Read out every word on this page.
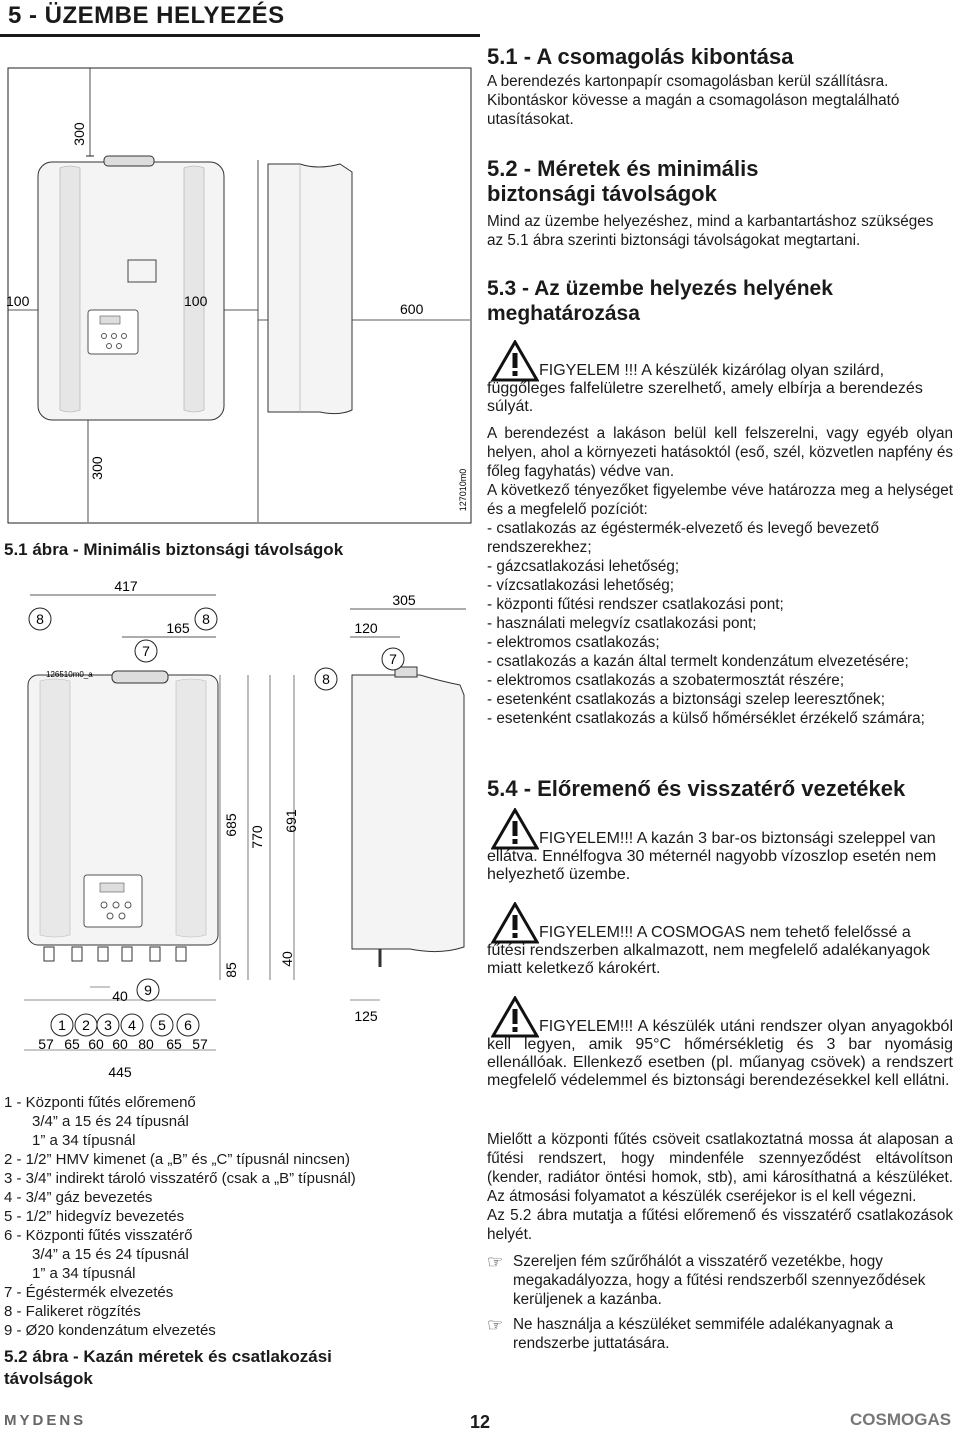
5 - ÜZEMBE HELYEZÉS
300
100	100	600
300
127010m0
5.1 ábra - Minimális biztonsági távolságok
417
165
305
120
8	8
8
7	7
9
126510m0_a
685
770
691
85
40
40
125
1 2 3 4 5 6
57 65 60 60 80 65 57
445
1 - Központi fűtés előremenő
3/4” a 15 és 24 típusnál
1” a 34 típusnál
2 - 1/2” HMV kimenet (a „B” és „C” típusnál nincsen)
3 - 3/4” indirekt tároló visszatérő (csak a „B” típusnál)
4 - 3/4” gáz bevezetés
5 - 1/2” hidegvíz bevezetés
6 - Központi fűtés visszatérő
3/4” a 15 és 24 típusnál
1” a 34 típusnál
7 - Égéstermék elvezetés
8 - Falikeret rögzítés
9 - Ø20 kondenzátum elvezetés
5.2 ábra - Kazán méretek és csatlakozási
távolságok
5.1 - A csomagolás kibontása

A berendezés kartonpapír csomagolásban kerül szállításra. Kibontáskor kövesse a magán a csomagoláson megtalálható utasításokat.

5.2 - Méretek és minimális
biztonsági távolságok

Mind az üzembe helyezéshez, mind a karbantartáshoz szükséges az 5.1 ábra szerinti biztonsági távolságokat megtartani.

5.3 - Az üzembe helyezés helyének
meghatározása
FIGYELEM !!! A készülék kizárólag olyan szilárd, függőleges falfelületre szerelhető, amely elbírja a berendezés súlyát.

A berendezést a lakáson belül kell felszerelni, vagy egyéb olyan helyen, ahol a környezeti hatásoktól (eső, szél, közvetlen napfény és főleg fagyhatás) védve van.

A következő tényezőket figyelembe véve határozza meg a helységet és a megfelelő pozíciót:

- csatlakozás az égéstermék-elvezető és levegő bevezető rendszerekhez;
- gázcsatlakozási lehetőség;
- vízcsatlakozási lehetőség;
- központi fűtési rendszer csatlakozási pont;
- használati melegvíz csatlakozási pont;
- elektromos csatlakozás;
- csatlakozás a kazán által termelt kondenzátum elvezetésére;
- elektromos csatlakozás a szobatermosztát részére;
- esetenként csatlakozás a biztonsági szelep leeresztőnek;
- esetenként csatlakozás a külső hőmérséklet érzékelő számára;
5.4 - Előremenő és visszatérő vezetékek
FIGYELEM!!! A kazán 3 bar-os biztonsági szeleppel van ellátva. Ennélfogva 30 méternél nagyobb vízoszlop esetén nem helyezhető üzembe.
FIGYELEM!!! A COSMOGAS nem tehető felelőssé a fűtési rendszerben alkalmazott, nem megfelelő adalékanyagok miatt keletkező károkért.
FIGYELEM!!! A készülék utáni rendszer olyan anyagokból kell legyen, amik 95°C hőmérsékletig és 3 bar nyomásig ellenállóak. Ellenkező esetben (pl. műanyag csövek) a rendszert megfelelő védelemmel és biztonsági berendezésekkel kell ellátni.

Mielőtt a központi fűtés csöveit csatlakoztatná mossa át alaposan a fűtési rendszert, hogy mindenféle szennyeződést eltávolítson (kender, radiátor öntési homok, stb), ami károsíthatná a készüléket. Az átmosási folyamatot a készülék cseréjekor is el kell végezni.

Az 5.2 ábra mutatja a fűtési előremenő és visszatérő csatlakozások helyét.

☞ Szereljen fém szűrőhálót a visszatérő vezetékbe, hogy megakadályozza, hogy a fűtési rendszerből szennyeződések kerüljenek a kazánba.
☞ Ne használja a készüléket semmiféle adalékanyagnak a rendszerbe juttatására.
MYDENS	12	COSMOGAS
